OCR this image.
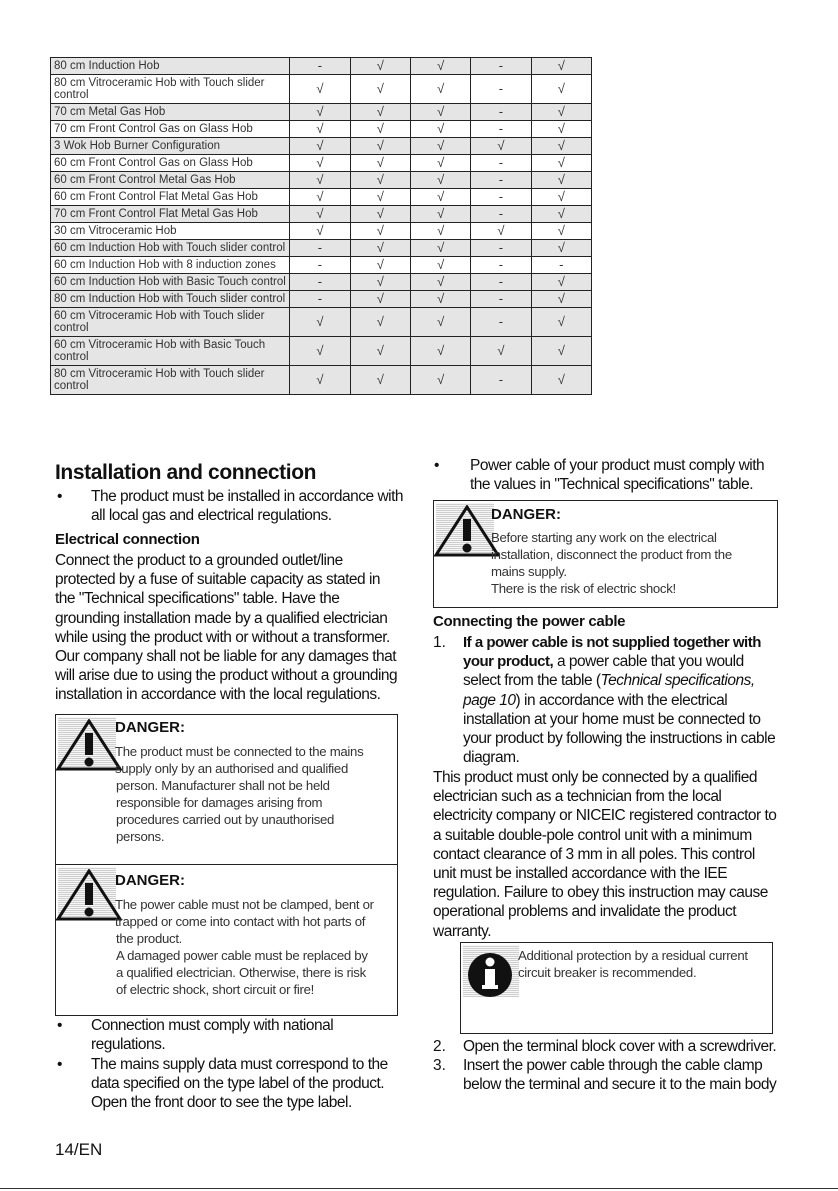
80 cm Induction Hob	-	√	√	-	√
80 cm Vitroceramic Hob with Touch slider control	√	√	√	-	√
70 cm Metal Gas Hob	√	√	√	-	√
70 cm Front Control Gas on Glass Hob	√	√	√	-	√
3 Wok Hob Burner Configuration	√	√	√	√	√
60 cm Front Control Gas on Glass Hob	√	√	√	-	√
60 cm Front Control Metal Gas Hob	√	√	√	-	√
60 cm Front Control Flat Metal Gas Hob	√	√	√	-	√
70 cm Front Control Flat Metal Gas Hob	√	√	√	-	√
30 cm Vitroceramic Hob	√	√	√	√	√
60 cm Induction Hob with Touch slider control	-	√	√	-	√
60 cm Induction Hob with 8 induction zones	-	√	√	-	-
60 cm Induction Hob with Basic Touch control	-	√	√	-	√
80 cm Induction Hob with Touch slider control	-	√	√	-	√
60 cm Vitroceramic Hob with Touch slider control	√	√	√	-	√
60 cm Vitroceramic Hob with Basic Touch control	√	√	√	√	√
80 cm Vitroceramic Hob with Touch slider control	√	√	√	-	√
Installation and connection
• The product must be installed in accordance with
all local gas and electrical regulations.
Electrical connection
Connect the product to a grounded outlet/line
protected by a fuse of suitable capacity as stated in
the "Technical specifications" table. Have the
grounding installation made by a qualified electrician
while using the product with or without a transformer.
Our company shall not be liable for any damages that
will arise due to using the product without a grounding
installation in accordance with the local regulations.
DANGER:
The product must be connected to the mains
supply only by an authorised and qualified
person. Manufacturer shall not be held
responsible for damages arising from
procedures carried out by unauthorised
persons.
DANGER:
The power cable must not be clamped, bent or
trapped or come into contact with hot parts of
the product.
A damaged power cable must be replaced by
a qualified electrician. Otherwise, there is risk
of electric shock, short circuit or fire!
• Connection must comply with national
regulations.
• The mains supply data must correspond to the
data specified on the type label of the product.
Open the front door to see the type label.
• Power cable of your product must comply with
the values in "Technical specifications" table.
DANGER:
Before starting any work on the electrical
installation, disconnect the product from the
mains supply.
There is the risk of electric shock!
Connecting the power cable
1. If a power cable is not supplied together with
your product, a power cable that you would
select from the table (Technical specifications,
page 10) in accordance with the electrical
installation at your home must be connected to
your product by following the instructions in cable
diagram.
This product must only be connected by a qualified
electrician such as a technician from the local
electricity company or NICEIC registered contractor to
a suitable double-pole control unit with a minimum
contact clearance of 3 mm in all poles. This control
unit must be installed accordance with the IEE
regulation. Failure to obey this instruction may cause
operational problems and invalidate the product
warranty.
Additional protection by a residual current
circuit breaker is recommended.
2. Open the terminal block cover with a screwdriver.
3. Insert the power cable through the cable clamp
below the terminal and secure it to the main body
14/EN
